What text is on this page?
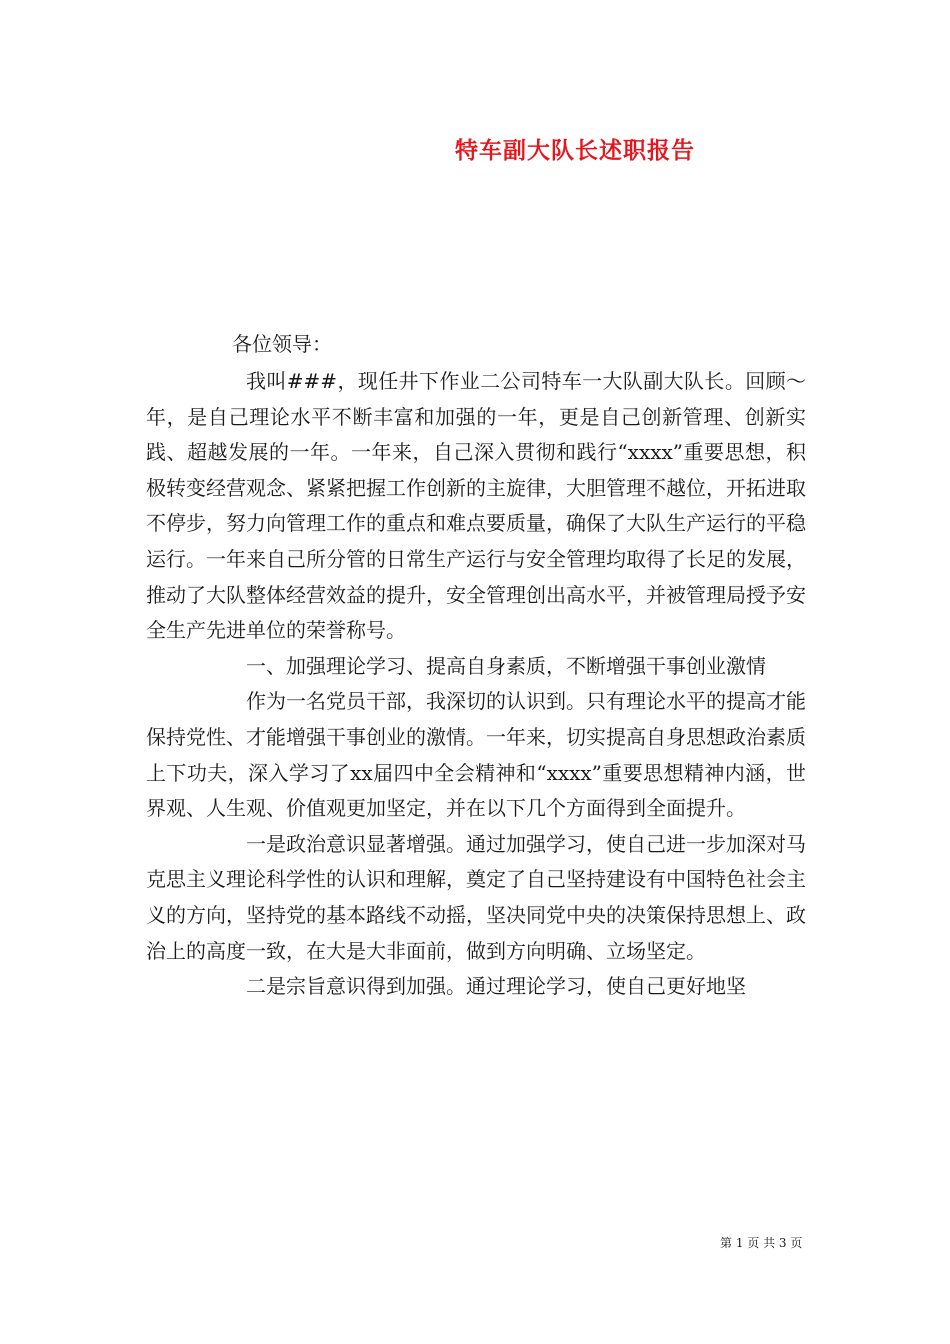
特车副大队长述职报告
各位领导：

我叫###，现任井下作业二公司特车一大队副大队长。回顾～年，是自己理论水平不断丰富和加强的一年，更是自己创新管理、创新实践、超越发展的一年。一年来，自己深入贯彻和践行“xxxx”重要思想，积极转变经营观念、紧紧把握工作创新的主旋律，大胆管理不越位，开拓进取不停步，努力向管理工作的重点和难点要质量，确保了大队生产运行的平稳运行。一年来自己所分管的日常生产运行与安全管理均取得了长足的发展，推动了大队整体经营效益的提升，安全管理创出高水平，并被管理局授予安全生产先进单位的荣誉称号。

一、加强理论学习、提高自身素质，不断增强干事创业激情

作为一名党员干部，我深切的认识到。只有理论水平的提高才能保持党性、才能增强干事创业的激情。一年来，切实提高自身思想政治素质上下功夫，深入学习了xx届四中全会精神和“xxxx”重要思想精神内涵，世界观、人生观、价值观更加坚定，并在以下几个方面得到全面提升。

一是政治意识显著增强。通过加强学习，使自己进一步加深对马克思主义理论科学性的认识和理解，奠定了自己坚持建设有中国特色社会主义的方向，坚持党的基本路线不动摇，坚决同党中央的决策保持思想上、政治上的高度一致，在大是大非面前，做到方向明确、立场坚定。

二是宗旨意识得到加强。通过理论学习，使自己更好地坚

第 1 页 共 3 页
